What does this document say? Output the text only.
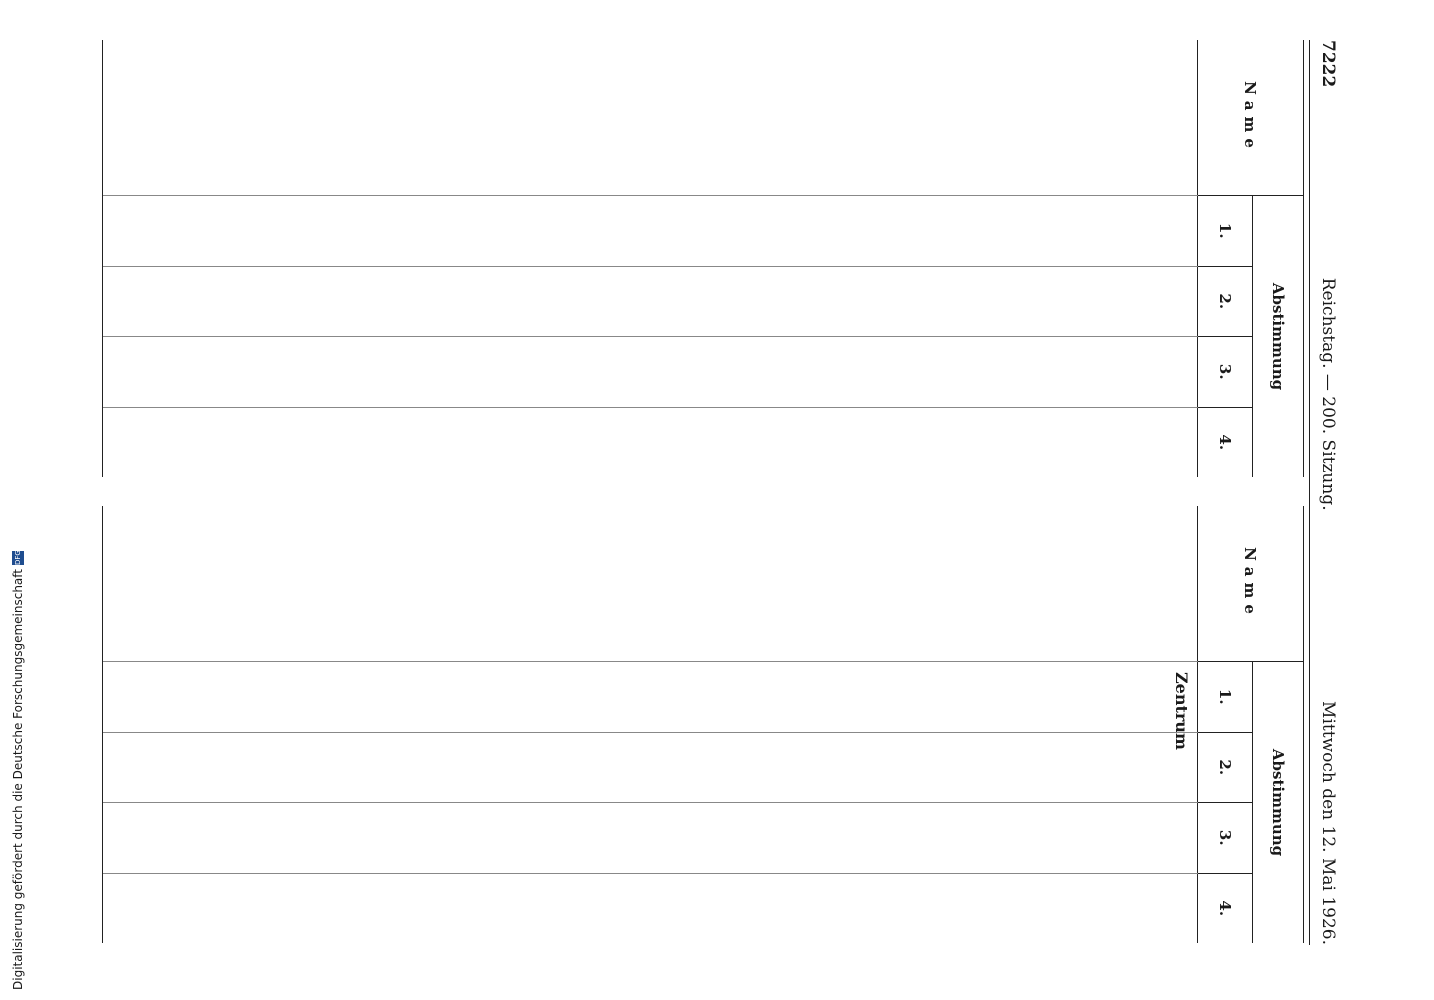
7222
Reichstag. — 200. Sitzung.
Mittwoch den 12. Mai 1926.
Name
Abstimmung
1.
2.
3.
4.
Name
Abstimmung
1.
2.
3.
4.
Zentrum
Digitalisierung gefördert durch die Deutsche Forschungsgemeinschaft
DFG
